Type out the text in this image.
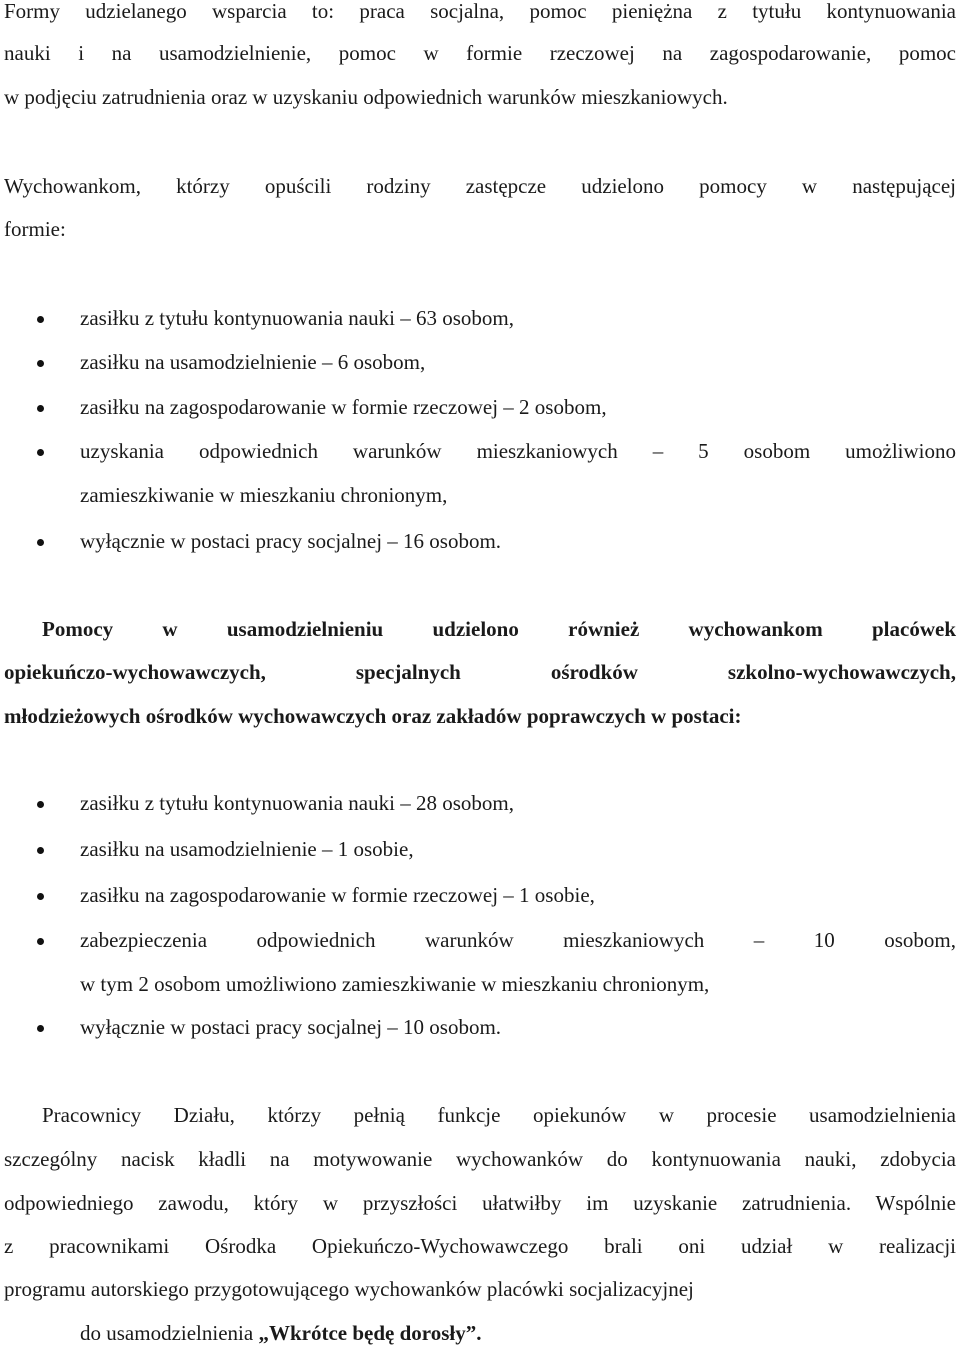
Formy udzielanego wsparcia to: praca socjalna, pomoc pieniężna z tytułu kontynuowania
nauki i na usamodzielnienie, pomoc w formie rzeczowej na zagospodarowanie, pomoc
w podjęciu zatrudnienia oraz w uzyskaniu odpowiednich warunków mieszkaniowych.
Wychowankom, którzy opuścili rodziny zastępcze udzielono pomocy w następującej
formie:
zasiłku z tytułu kontynuowania nauki – 63 osobom,
zasiłku na usamodzielnienie – 6 osobom,
zasiłku na zagospodarowanie w formie rzeczowej – 2 osobom,
uzyskania odpowiednich warunków mieszkaniowych – 5 osobom umożliwiono
zamieszkiwanie w mieszkaniu chronionym,
wyłącznie w postaci pracy socjalnej – 16 osobom.
Pomocy w usamodzielnieniu udzielono również wychowankom placówek
opiekuńczo-wychowawczych, specjalnych ośrodków szkolno-wychowawczych,
młodzieżowych ośrodków wychowawczych oraz zakładów poprawczych w postaci:
zasiłku z tytułu kontynuowania nauki – 28 osobom,
zasiłku na usamodzielnienie – 1 osobie,
zasiłku na zagospodarowanie w formie rzeczowej – 1 osobie,
zabezpieczenia odpowiednich warunków mieszkaniowych – 10 osobom,
w tym 2 osobom umożliwiono zamieszkiwanie w mieszkaniu chronionym,
wyłącznie w postaci pracy socjalnej – 10 osobom.
Pracownicy Działu, którzy pełnią funkcje opiekunów w procesie usamodzielnienia
szczególny nacisk kładli na motywowanie wychowanków do kontynuowania nauki, zdobycia
odpowiedniego zawodu, który w przyszłości ułatwiłby im uzyskanie zatrudnienia. Wspólnie
z pracownikami Ośrodka Opiekuńczo-Wychowawczego brali oni udział w realizacji
programu autorskiego przygotowującego wychowanków placówki socjalizacyjnej
do usamodzielnienia „Wkrótce będę dorosły”.
